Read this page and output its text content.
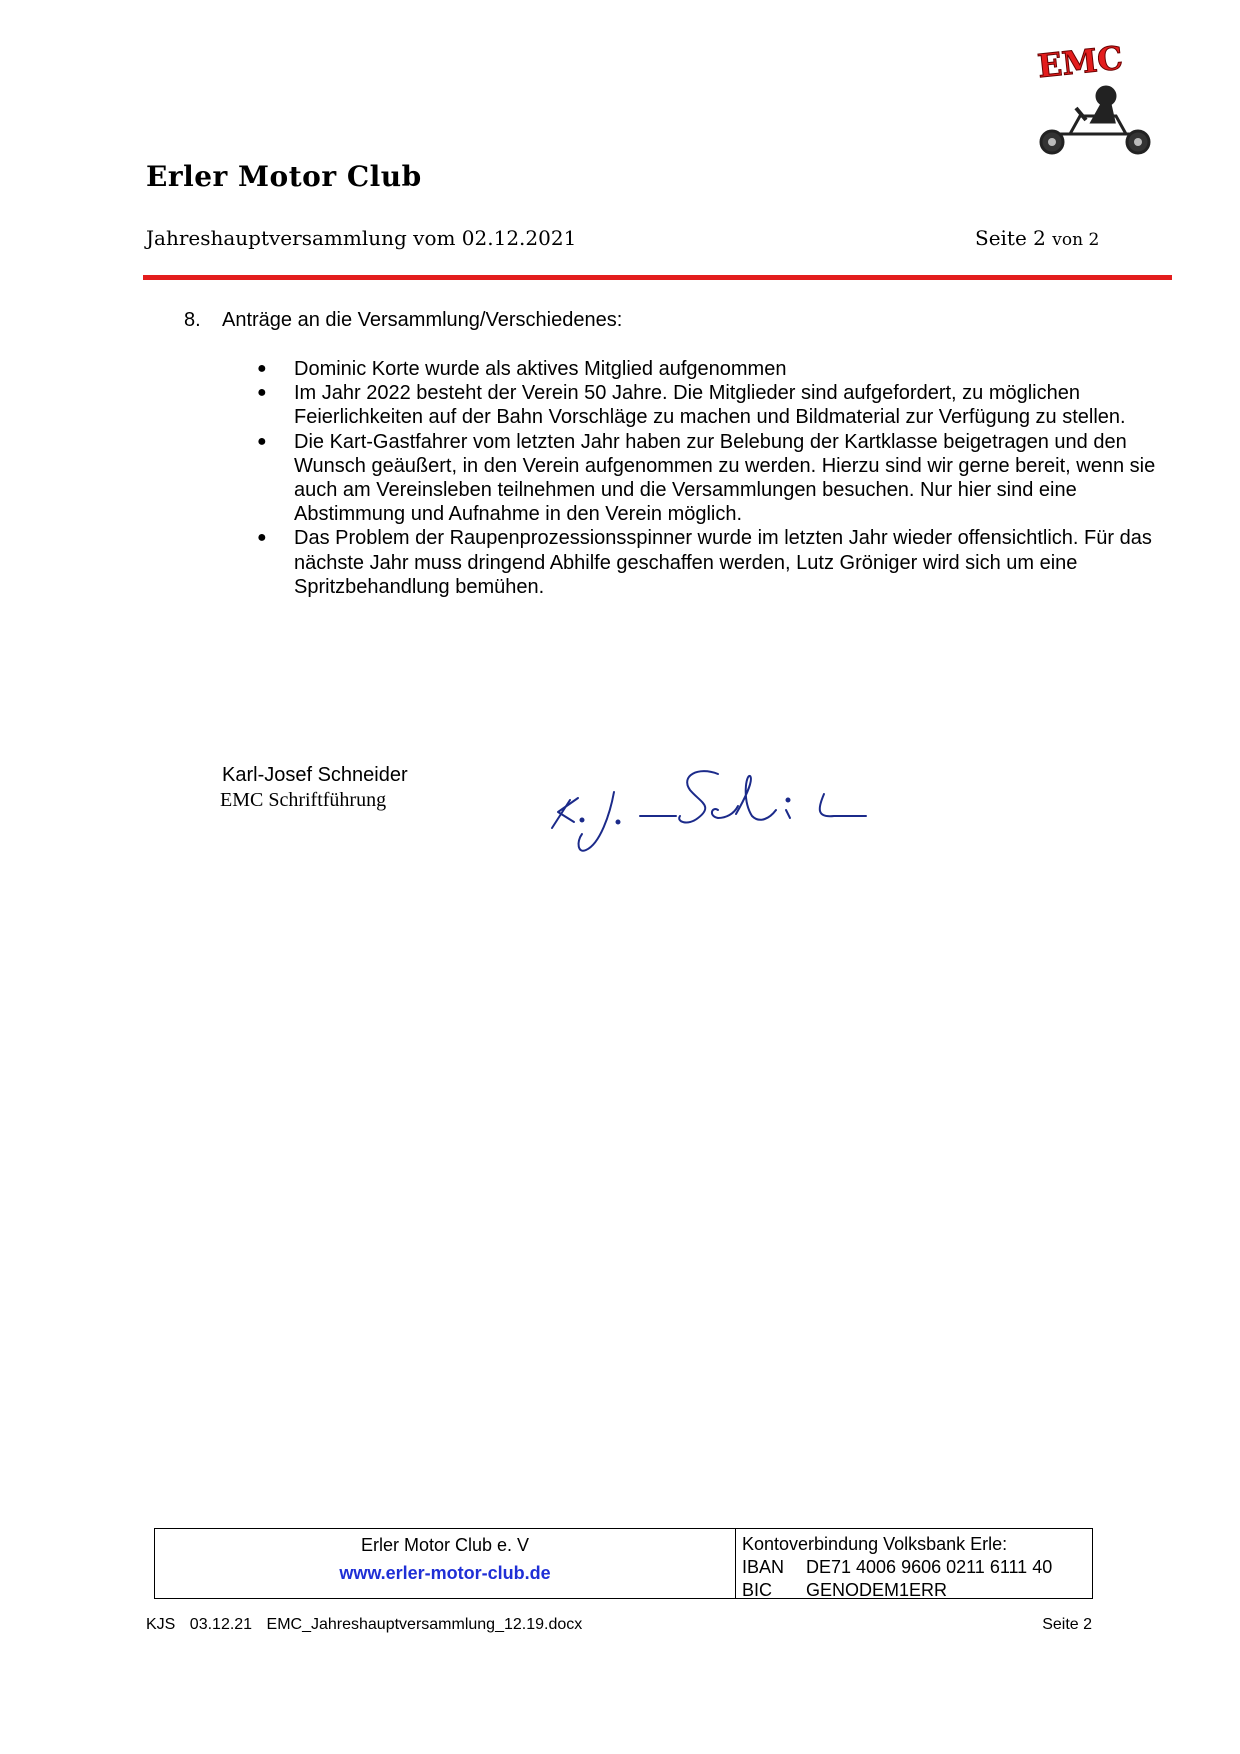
EMC
Erler Motor Club
Jahreshauptversammlung vom 02.12.2021	Seite 2 von 2
8. Anträge an die Versammlung/Verschiedenes:
● Dominic Korte wurde als aktives Mitglied aufgenommen
● Im Jahr 2022 besteht der Verein 50 Jahre. Die Mitglieder sind aufgefordert, zu möglichen Feierlichkeiten auf der Bahn Vorschläge zu machen und Bildmaterial zur Verfügung zu stellen.
● Die Kart-Gastfahrer vom letzten Jahr haben zur Belebung der Kartklasse beigetragen und den Wunsch geäußert, in den Verein aufgenommen zu werden. Hierzu sind wir gerne bereit, wenn sie auch am Vereinsleben teilnehmen und die Versammlungen besuchen. Nur hier sind eine Abstimmung und Aufnahme in den Verein möglich.
● Das Problem der Raupenprozessionsspinner wurde im letzten Jahr wieder offensichtlich. Für das nächste Jahr muss dringend Abhilfe geschaffen werden, Lutz Gröniger wird sich um eine Spritzbehandlung bemühen.
Karl-Josef Schneider
EMC Schriftführung
Erler Motor Club e. V
www.erler-motor-club.de
Kontoverbindung Volksbank Erle:
IBAN DE71 4006 9606 0211 6111 40
BIC GENODEM1ERR
KJS 03.12.21 EMC_Jahreshauptversammlung_12.19.docx	Seite 2
